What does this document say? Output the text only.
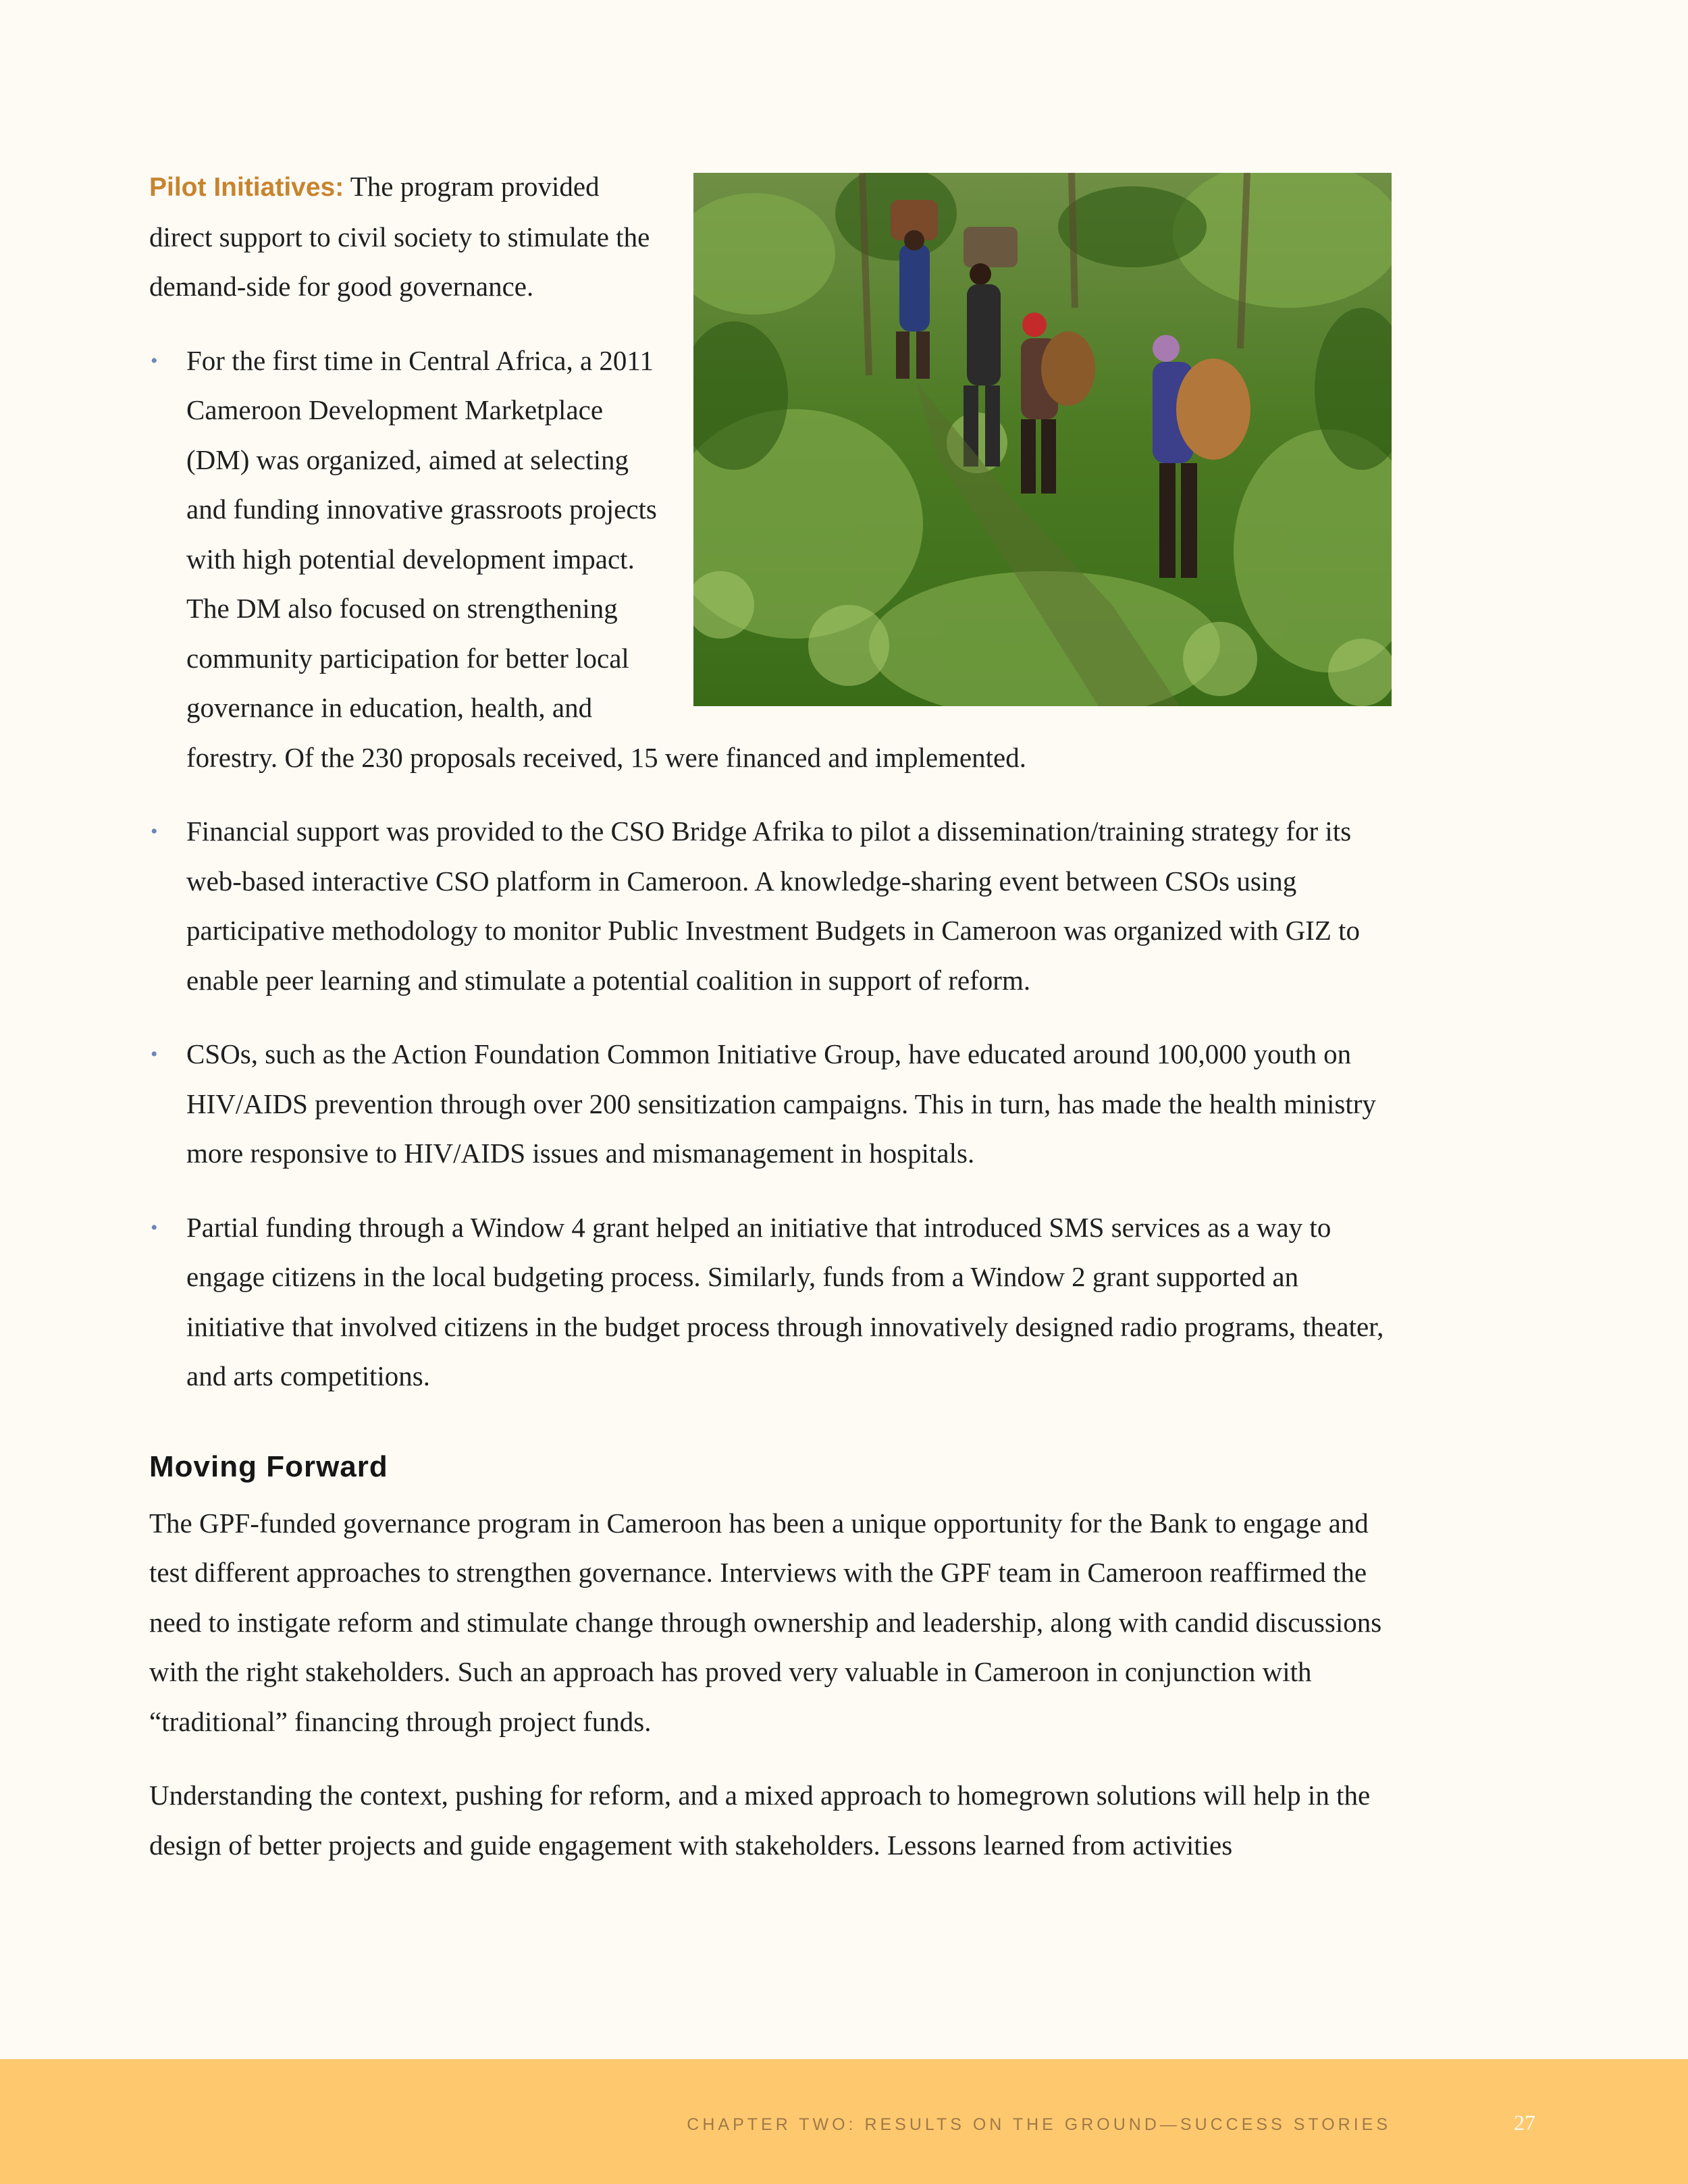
Pilot Initiatives: The program provided direct support to civil society to stimulate the demand-side for good governance.

• For the first time in Central Africa, a 2011 Cameroon Development Marketplace (DM) was organized, aimed at selecting and funding innovative grassroots projects with high potential development impact. The DM also focused on strengthening community participation for better local governance in education, health, and forestry. Of the 230 proposals received, 15 were financed and implemented.
• Financial support was provided to the CSO Bridge Afrika to pilot a dissemination/training strategy for its web-based interactive CSO platform in Cameroon. A knowledge-sharing event between CSOs using participative methodology to monitor Public Investment Budgets in Cameroon was organized with GIZ to enable peer learning and stimulate a potential coalition in support of reform.
• CSOs, such as the Action Foundation Common Initiative Group, have educated around 100,000 youth on HIV/AIDS prevention through over 200 sensitization campaigns. This in turn, has made the health ministry more responsive to HIV/AIDS issues and mismanagement in hospitals.
• Partial funding through a Window 4 grant helped an initiative that introduced SMS services as a way to engage citizens in the local budgeting process. Similarly, funds from a Window 2 grant supported an initiative that involved citizens in the budget process through innovatively designed radio programs, theater, and arts competitions.
Moving Forward

The GPF-funded governance program in Cameroon has been a unique opportunity for the Bank to engage and test different approaches to strengthen governance. Interviews with the GPF team in Cameroon reaffirmed the need to instigate reform and stimulate change through ownership and leadership, along with candid discussions with the right stakeholders. Such an approach has proved very valuable in Cameroon in conjunction with “traditional” financing through project funds.

Understanding the context, pushing for reform, and a mixed approach to homegrown solutions will help in the design of better projects and guide engagement with stakeholders. Lessons learned from activities

CHAPTER TWO: RESULTS ON THE GROUND—SUCCESS STORIES	27
